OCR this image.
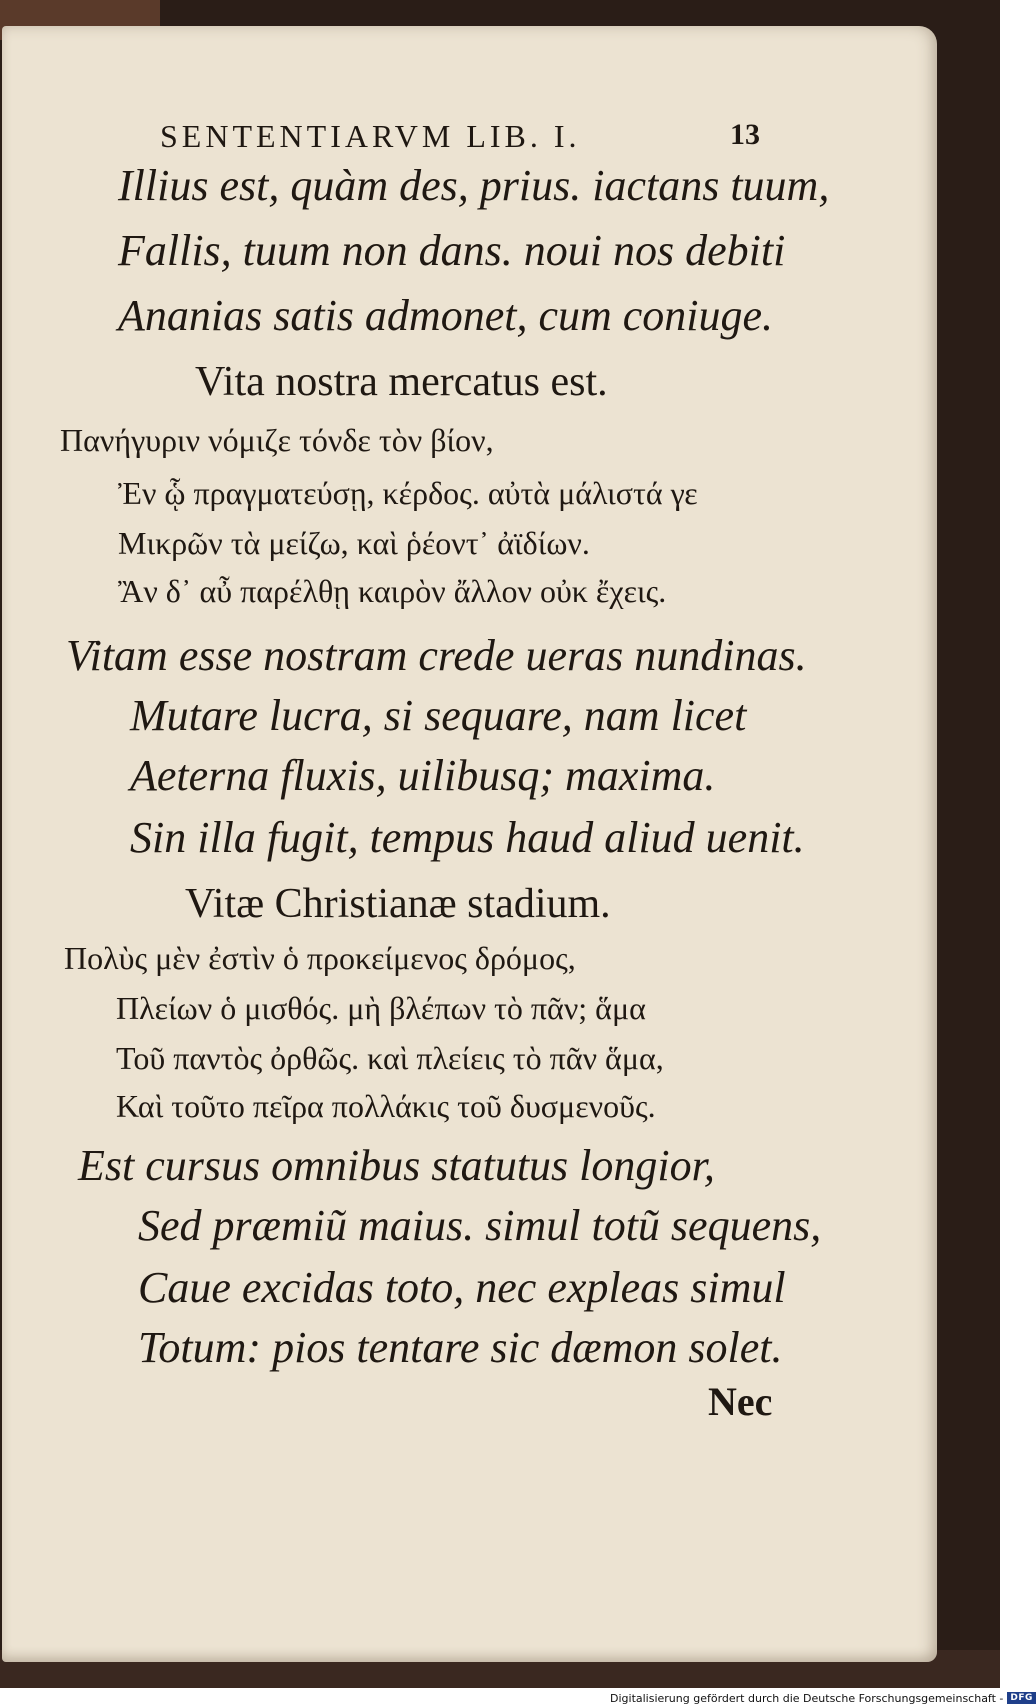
SENTENTIARVM LIB. I.	13
Illius est, quàm des, prius. iactans tuum,
Fallis, tuum non dans. noui nos debiti
Ananias satis admonet, cum coniuge.
Vita nostra mercatus est.
Πανήγυριν νόμιζε τόνδε τὸν βίον,
Ἐν ᾧ πραγματεύσῃ, κέρδος. αὐτὰ μάλιστά γε
Μικρῶν τὰ μείζω, καὶ ῥέοντ᾽ ἀϊδίων.
Ἂν δ᾽ αὖ παρέλθῃ καιρὸν ἄλλον οὐκ ἔχεις.
Vitam esse nostram crede ueras nundinas.
Mutare lucra, si sequare, nam licet
Aeterna fluxis, uilibusq; maxima.
Sin illa fugit, tempus haud aliud uenit.
Vitæ Christianæ stadium.
Πολὺς μὲν ἐστὶν ὁ προκείμενος δρόμος,
Πλείων ὁ μισθός. μὴ βλέπων τὸ πᾶν; ἅμα
Τοῦ παντὸς ὀρθῶς. καὶ πλείεις τὸ πᾶν ἅμα,
Καὶ τοῦτο πεῖρα πολλάκις τοῦ δυσμενοῦς.
Est cursus omnibus statutus longior,
Sed præmiũ maius. simul totũ sequens,
Caue excidas toto, nec expleas simul
Totum: pios tentare sic dæmon solet.
Nec
Digitalisierung gefördert durch die Deutsche Forschungsgemeinschaft - DFG
